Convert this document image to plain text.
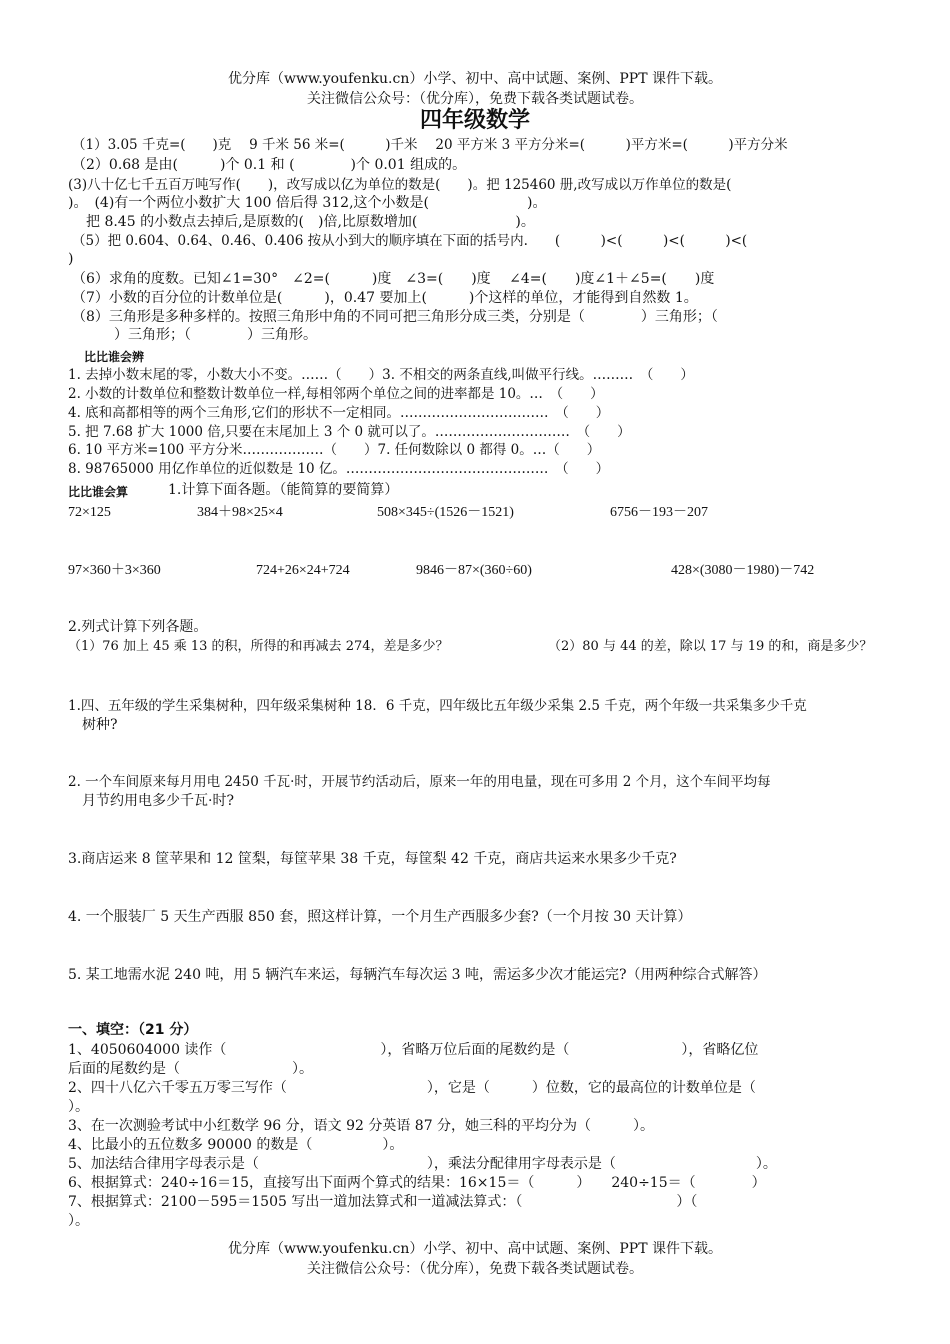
优分库（www.youfenku.cn）小学、初中、高中试题、案例、PPT 课件下载。
关注微信公众号：（优分库），免费下载各类试题试卷。
四年级数学
（1）3.05 千克=(　　)克　 9 千米 56 米=(　　　)千米　 20 平方米 3 平方分米=(　　　)平方米=(　　　)平方分米
（2）0.68 是由(　　　)个 0.1 和 (　　　　)个 0.01 组成的。
(3)八十亿七千五百万吨写作(　　)，改写成以亿为单位的数是(　　)。把 125460 册,改写成以万作单位的数是(
)。　(4)有一个两位小数扩大 100 倍后得 312,这个小数是(　　　　　　　)。
　把 8.45 的小数点去掉后,是原数的(　)倍,比原数增加(　　　　　　　)。
（5）把 0.604、0.64、0.46、0.406 按从小到大的顺序填在下面的括号内.　　(　　　)<(　　　)<(　　　)<(
)
（6）求角的度数。已知∠1=30°　∠2=(　　　)度　∠3=(　　)度　 ∠4=(　　)度∠1＋∠5=(　　)度
（7）小数的百分位的计数单位是(　　　)，0.47 要加上(　　　)个这样的单位，才能得到自然数 1。
（8）三角形是多种多样的。按照三角形中角的不同可把三角形分成三类，分别是（　　　　）三角形；（
　　）三角形；（　　　　）三角形。
比比谁会辨
1. 去掉小数末尾的零，小数大小不变。……（　　）3. 不相交的两条直线,叫做平行线。………　（　　）
2. 小数的计数单位和整数计数单位一样,每相邻两个单位之间的进率都是 10。…　（　　）
4. 底和高都相等的两个三角形,它们的形状不一定相同。……………………………　（　　）
5. 把 7.68 扩大 1000 倍,只要在末尾加上 3 个 0 就可以了。…………………………　（　　）
6. 10 平方米=100 平方分米………………（　　）7. 任何数除以 0 都得 0。…（　　）
8. 98765000 用亿作单位的近似数是 10 亿。………………………………………　（　　）
比比谁会算	1.计算下面各题。（能简算的要简算）
72×125	384＋98×25×4	508×345÷(1526－1521)	6756－193－207
97×360＋3×360	724+26×24+724	9846－87×(360÷60)	428×(3080－1980)－742
2.列式计算下列各题。
（1）76 加上 45 乘 13 的积，所得的和再减去 274，差是多少？	（2）80 与 44 的差，除以 17 与 19 的和，商是多少？
1.四、五年级的学生采集树种，四年级采集树种 18．6 千克，四年级比五年级少采集 2.5 千克，两个年级一共采集多少千克
　树种?
2. 一个车间原来每月用电 2450 千瓦·时，开展节约活动后，原来一年的用电量，现在可多用 2 个月，这个车间平均每
　月节约用电多少千瓦·时?
3.商店运来 8 筐苹果和 12 筐梨，每筐苹果 38 千克，每筐梨 42 千克，商店共运来水果多少千克?
4. 一个服装厂 5 天生产西服 850 套，照这样计算，一个月生产西服多少套?（一个月按 30 天计算）
5. 某工地需水泥 240 吨，用 5 辆汽车来运，每辆汽车每次运 3 吨，需运多少次才能运完?（用两种综合式解答）
一、填空：（21 分）
1、4050604000 读作（　　　　　　　　　　　），省略万位后面的尾数约是（　　　　　　　　），省略亿位
后面的尾数约是（　　　　　　　　）。
2、四十八亿六千零五万零三写作（　　　　　　　　　　），它是（　　　）位数，它的最高位的计数单位是（
）。
3、在一次测验考试中小红数学 96 分，语文 92 分英语 87 分，她三科的平均分为（　　　）。
4、比最小的五位数多 90000 的数是（　　　　　）。
5、加法结合律用字母表示是（　　　　　　　　　　　　），乘法分配律用字母表示是（　　　　　　　　　　）。
6、根据算式：240÷16＝15，直接写出下面两个算式的结果：16×15＝（　　　）　　240÷15＝（　　　　）
7、根据算式：2100－595＝1505 写出一道加法算式和一道减法算式：（　　　　　　　　　　　）（
）。
优分库（www.youfenku.cn）小学、初中、高中试题、案例、PPT 课件下载。
关注微信公众号：（优分库），免费下载各类试题试卷。
